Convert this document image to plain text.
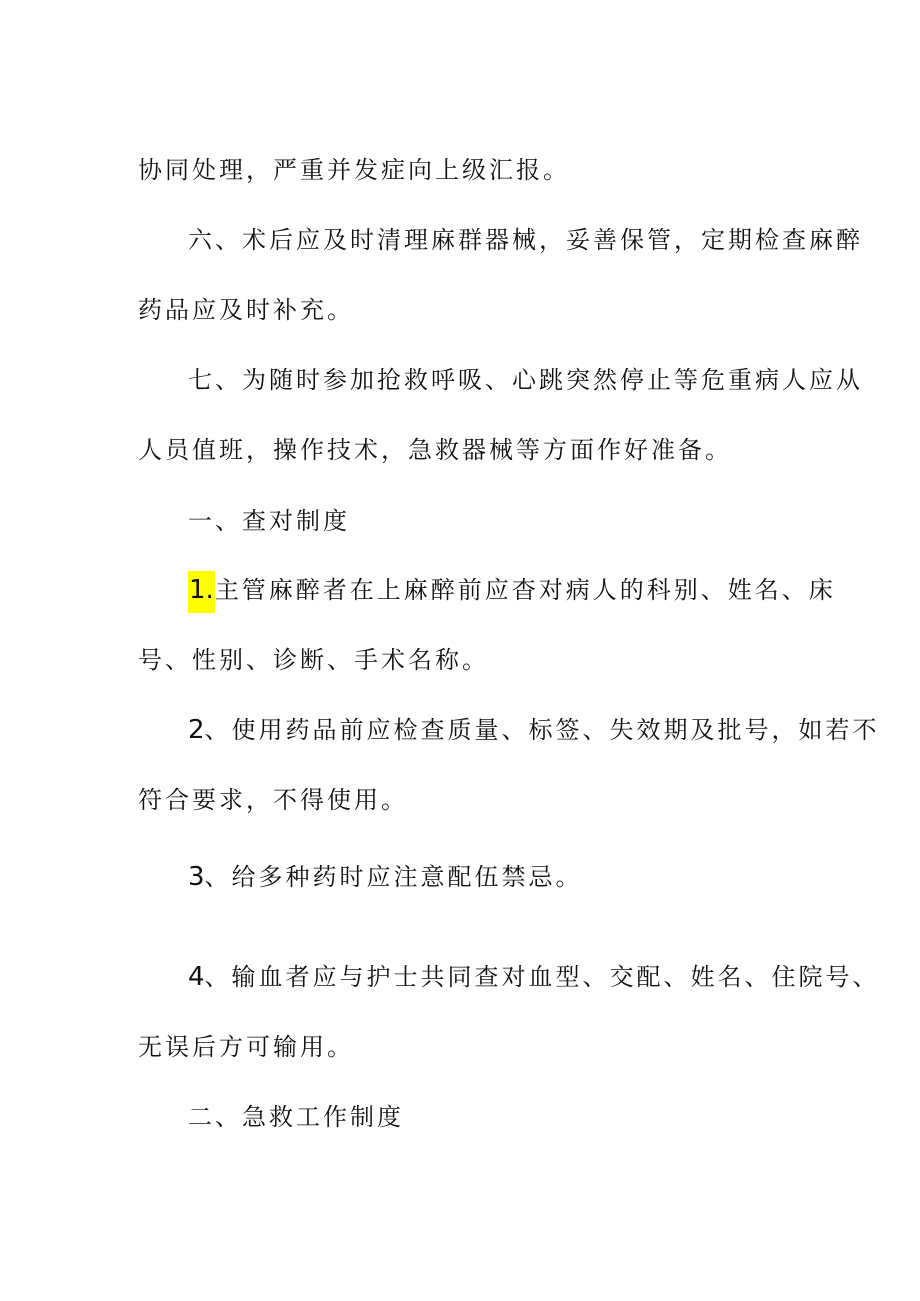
协同处理，严重并发症向上级汇报。
六、术后应及时清理麻群器械，妥善保管，定期检查麻醉
药品应及时补充。
七、为随时参加抢救呼吸、心跳突然停止等危重病人应从
人员值班，操作技术，急救器械等方面作好准备。
一、查对制度
1.主管麻醉者在上麻醉前应杳对病人的科别、姓名、床
号、性别、诊断、手术名称。
2、使用药品前应检查质量、标签、失效期及批号，如若不
符合要求，不得使用。
3、给多种药时应注意配伍禁忌。
4、输血者应与护士共同查对血型、交配、姓名、住院号、
无误后方可输用。
二、急救工作制度
